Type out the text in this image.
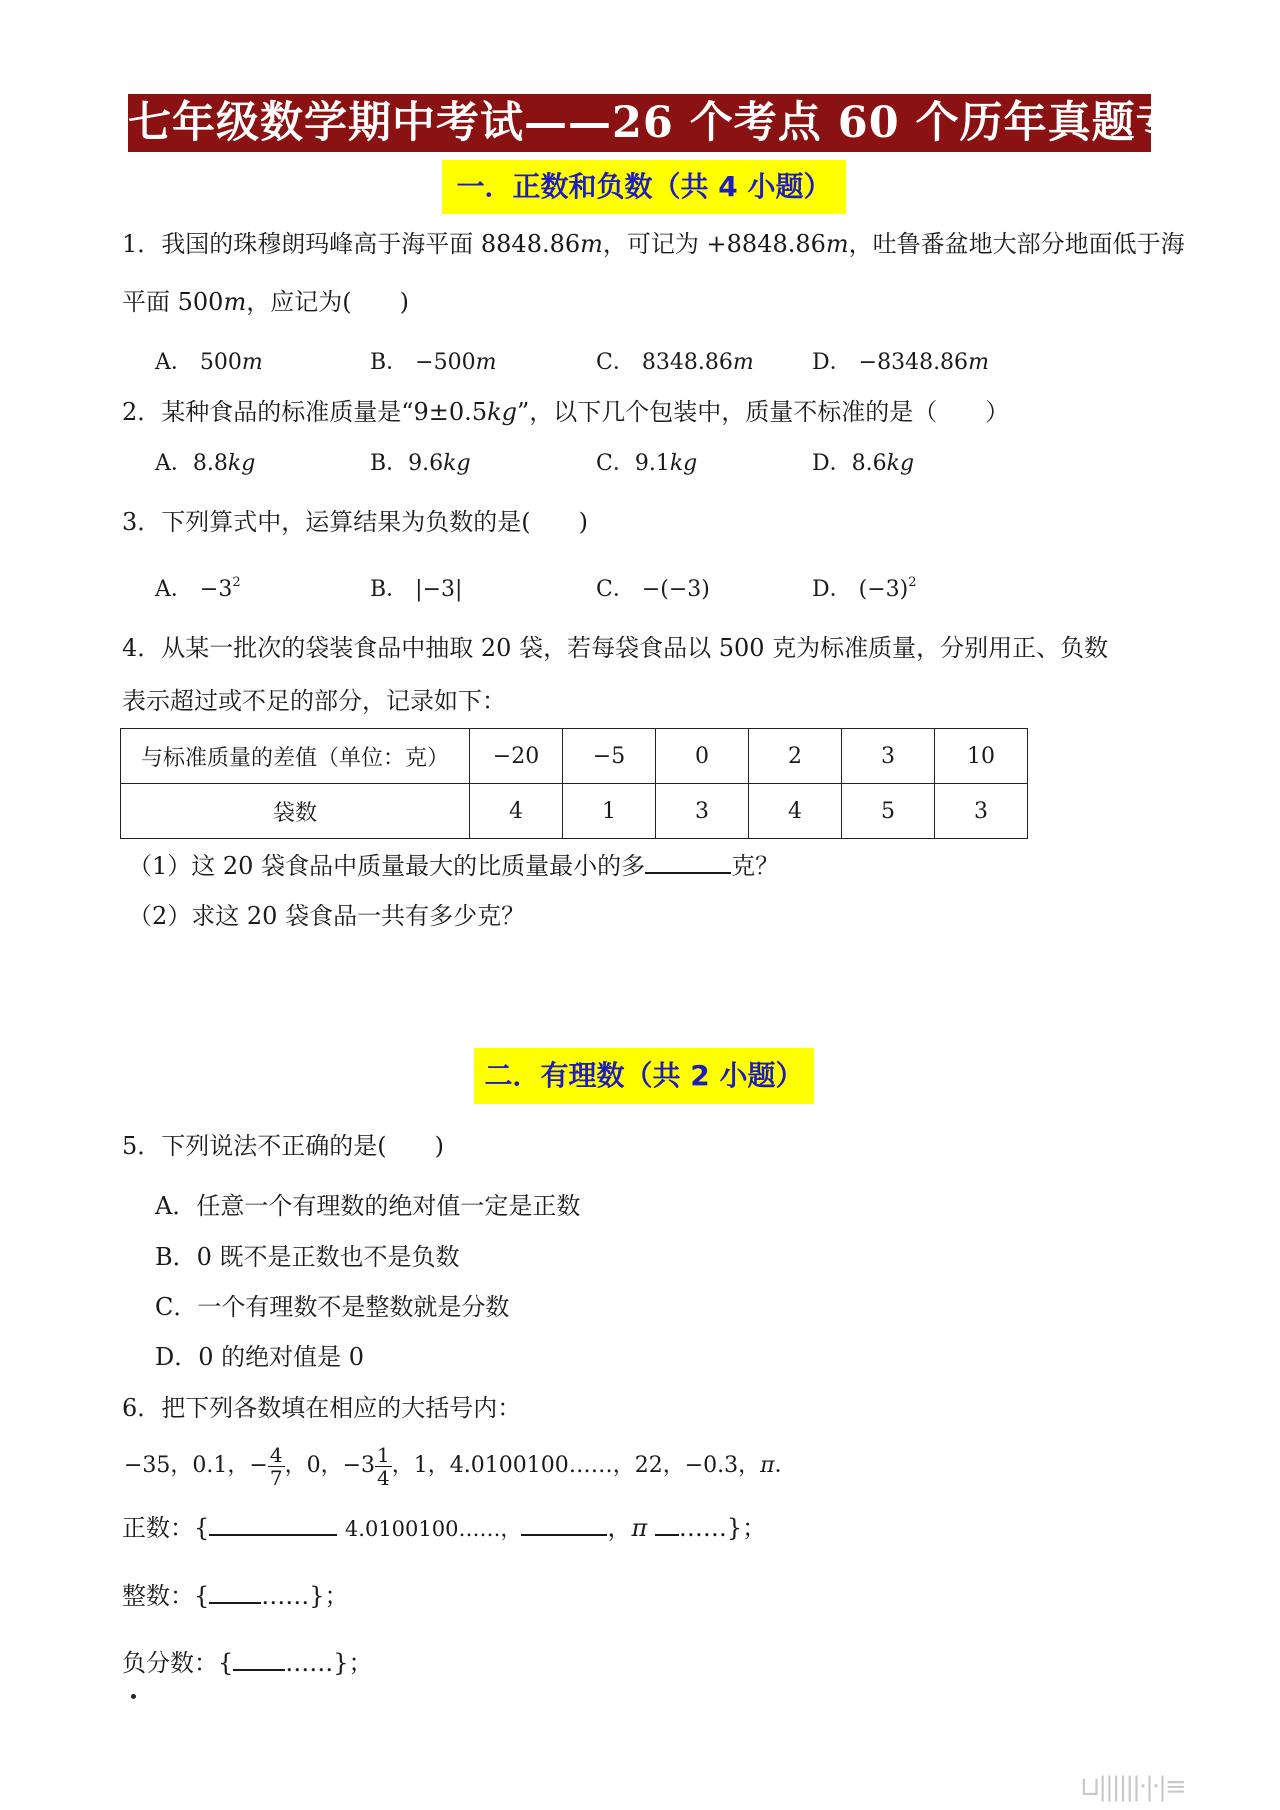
七年级数学期中考试——26 个考点 60 个历年真题专练
一．正数和负数（共 4 小题）
1．我国的珠穆朗玛峰高于海平面 8848.86m，可记为 +8848.86m，吐鲁番盆地大部分地面低于海
平面 500m，应记为(　　)
A． 500m	B． −500m	C． 8348.86m	D． −8348.86m
2．某种食品的标准质量是“9±0.5kg”，以下几个包装中，质量不标准的是（　　）
A．8.8kg	B．9.6kg	C．9.1kg	D．8.6kg
3．下列算式中，运算结果为负数的是(　　)
A． $-3^2$	B． |−3|	C． −(−3)	D． $(-3)^2$
4．从某一批次的袋装食品中抽取 20 袋，若每袋食品以 500 克为标准质量，分别用正、负数
表示超过或不足的部分，记录如下：
与标准质量的差值（单位：克）	−20	−5	0	2	3	10
袋数	4	1	3	4	5	3
（1）这 20 袋食品中质量最大的比质量最小的多	克？
（2）求这 20 袋食品一共有多少克？
二．有理数（共 2 小题）
5．下列说法不正确的是(　　)
A．任意一个有理数的绝对值一定是正数
B．0 既不是正数也不是负数
C．一个有理数不是整数就是分数
D．0 的绝对值是 0
6．把下列各数填在相应的大括号内：
−35，0.1，− $\frac{4}{7}$ ，0，$-3 \frac{1}{4}$ ，1，4.0100100……，22，−0.3，π．
正数：{	4.0100100……，	，π ……}；
整数：{ ……}；
负分数：{ ……}；
⊔||||||·|·|≡
